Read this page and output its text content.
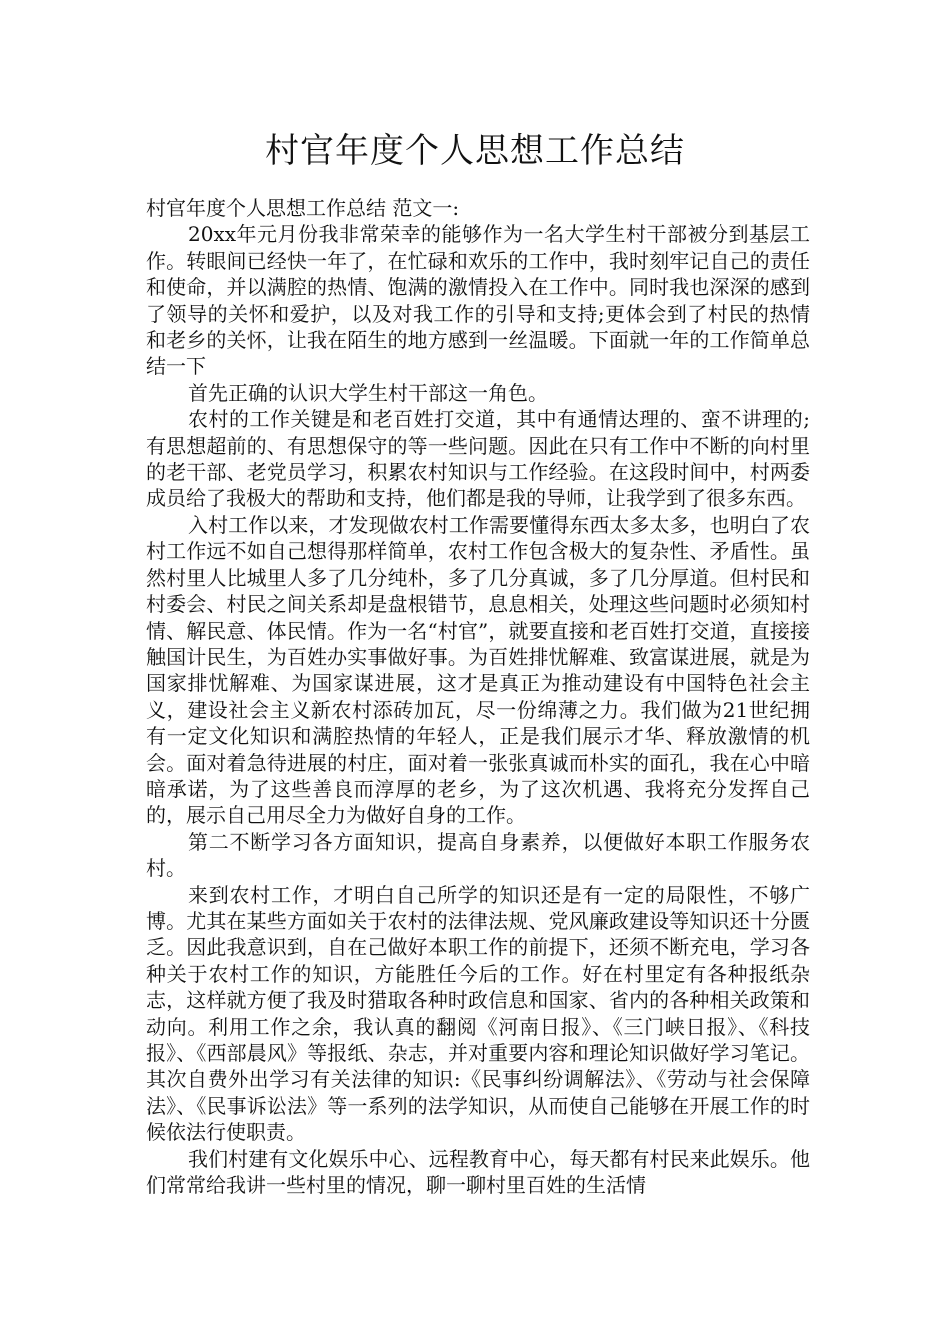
村官年度个人思想工作总结

村官年度个人思想工作总结 范文一:

20xx年元月份我非常荣幸的能够作为一名大学生村干部被分到基层工作。转眼间已经快一年了，在忙碌和欢乐的工作中，我时刻牢记自己的责任和使命，并以满腔的热情、饱满的激情投入在工作中。同时我也深深的感到了领导的关怀和爱护，以及对我工作的引导和支持;更体会到了村民的热情和老乡的关怀，让我在陌生的地方感到一丝温暖。下面就一年的工作简单总结一下

首先正确的认识大学生村干部这一角色。

农村的工作关键是和老百姓打交道，其中有通情达理的、蛮不讲理的;有思想超前的、有思想保守的等一些问题。因此在只有工作中不断的向村里的老干部、老党员学习，积累农村知识与工作经验。在这段时间中，村两委成员给了我极大的帮助和支持，他们都是我的导师，让我学到了很多东西。

入村工作以来，才发现做农村工作需要懂得东西太多太多，也明白了农村工作远不如自己想得那样简单，农村工作包含极大的复杂性、矛盾性。虽然村里人比城里人多了几分纯朴，多了几分真诚，多了几分厚道。但村民和村委会、村民之间关系却是盘根错节，息息相关，处理这些问题时必须知村情、解民意、体民情。作为一名“村官”，就要直接和老百姓打交道，直接接触国计民生，为百姓办实事做好事。为百姓排忧解难、致富谋进展，就是为国家排忧解难、为国家谋进展，这才是真正为推动建设有中国特色社会主义，建设社会主义新农村添砖加瓦，尽一份绵薄之力。我们做为21世纪拥有一定文化知识和满腔热情的年轻人，正是我们展示才华、释放激情的机会。面对着急待进展的村庄，面对着一张张真诚而朴实的面孔，我在心中暗暗承诺，为了这些善良而淳厚的老乡，为了这次机遇、我将充分发挥自己的，展示自己用尽全力为做好自身的工作。

第二不断学习各方面知识，提高自身素养，以便做好本职工作服务农村。

来到农村工作，才明白自己所学的知识还是有一定的局限性，不够广博。尤其在某些方面如关于农村的法律法规、党风廉政建设等知识还十分匮乏。因此我意识到，自在己做好本职工作的前提下，还须不断充电，学习各种关于农村工作的知识，方能胜任今后的工作。好在村里定有各种报纸杂志，这样就方便了我及时猎取各种时政信息和国家、省内的各种相关政策和动向。利用工作之余，我认真的翻阅《河南日报》、《三门峡日报》、《科技报》、《西部晨风》等报纸、杂志，并对重要内容和理论知识做好学习笔记。其次自费外出学习有关法律的知识:《民事纠纷调解法》、《劳动与社会保障法》、《民事诉讼法》等一系列的法学知识，从而使自己能够在开展工作的时候依法行使职责。

我们村建有文化娱乐中心、远程教育中心，每天都有村民来此娱乐。他们常常给我讲一些村里的情况，聊一聊村里百姓的生活情
